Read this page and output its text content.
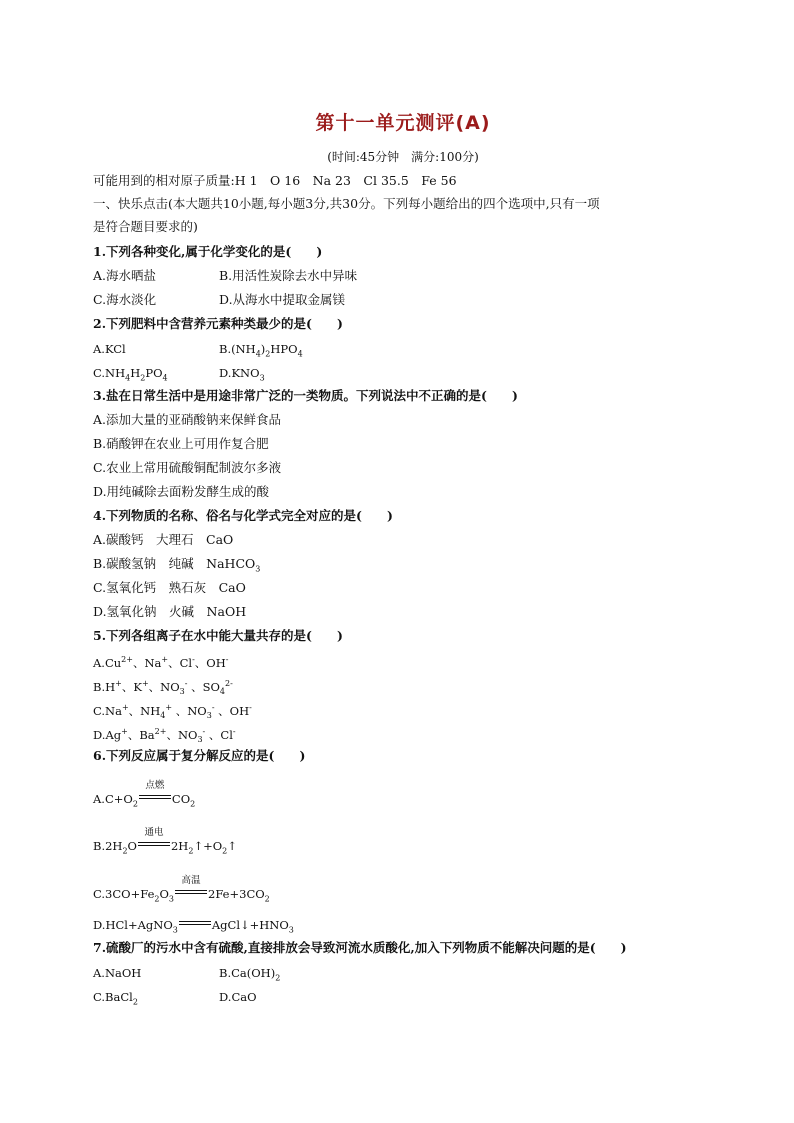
第十一单元测评(A)
(时间:45分钟　满分:100分)
可能用到的相对原子质量:H 1　O 16　Na 23　Cl 35.5　Fe 56
一、快乐点击(本大题共10小题,每小题3分,共30分。下列每小题给出的四个选项中,只有一项
是符合题目要求的)
1.下列各种变化,属于化学变化的是(　　)
A.海水晒盐	B.用活性炭除去水中异味
C.海水淡化	D.从海水中提取金属镁
2.下列肥料中含营养元素种类最少的是(　　)
A.KCl	$B.(NH_4)_2HPO_4$
$C.NH_4H_2PO_4$	$D.KNO_3$
3.盐在日常生活中是用途非常广泛的一类物质。下列说法中不正确的是(　　)
A.添加大量的亚硝酸钠来保鲜食品
B.硝酸钾在农业上可用作复合肥
C.农业上常用硫酸铜配制波尔多液
D.用纯碱除去面粉发酵生成的酸
4.下列物质的名称、俗名与化学式完全对应的是(　　)
A.碳酸钙　大理石　CaO
B.碳酸氢钠　纯碱　NaHCO$_3$
C.氢氧化钙　熟石灰　CaO
D.氢氧化钠　火碱　NaOH
5.下列各组离子在水中能大量共存的是(　　)
$A.Cu^{2+}$、Na+、Cl-、OH-
B.H+、K+、$NO_3^-$ 、$SO_4^{2-}$
C.Na+、$NH_4^+$ 、$NO_3^-$ 、OH-
D.Ag+、$Ba^{2+}$、$NO_3^-$ 、Cl-
6.下列反应属于复分解反应的是(　　)
$A.C+O_2$
点燃
$CO_2$
$B.2H_2O$
通电
$2H_2↑+O_2↑$
$C.3CO+Fe_2O_3$
高温
$2Fe+3CO_2$
D.HCl+AgNO$_3$	$AgCl↓+HNO_3$
7.硫酸厂的污水中含有硫酸,直接排放会导致河流水质酸化,加入下列物质不能解决问题的是(　　)
A.NaOH	$B.Ca(OH)_2$
C.BaCl$_2$	D.CaO
